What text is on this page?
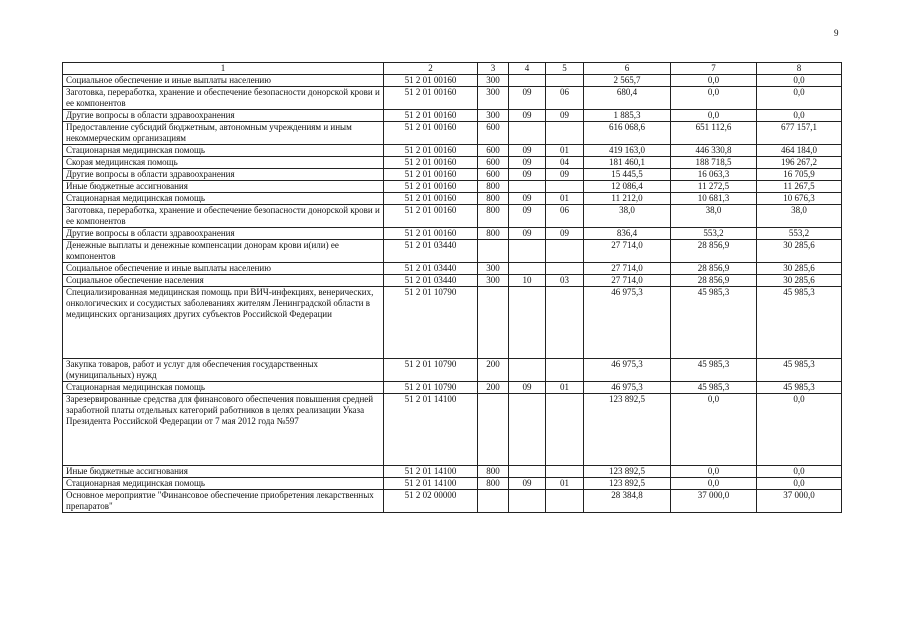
9
1	2	3	4	5	6	7	8
Социальное обеспечение и иные выплаты населению	51 2 01 00160	300			2 565,7	0,0	0,0
Заготовка, переработка, хранение и обеспечение безопасности донорской крови и ее компонентов	51 2 01 00160	300	09	06	680,4	0,0	0,0
Другие вопросы в области здравоохранения	51 2 01 00160	300	09	09	1 885,3	0,0	0,0
Предоставление субсидий бюджетным, автономным учреждениям и иным некоммерческим организациям	51 2 01 00160	600			616 068,6	651 112,6	677 157,1
Стационарная медицинская помощь	51 2 01 00160	600	09	01	419 163,0	446 330,8	464 184,0
Скорая медицинская помощь	51 2 01 00160	600	09	04	181 460,1	188 718,5	196 267,2
Другие вопросы в области здравоохранения	51 2 01 00160	600	09	09	15 445,5	16 063,3	16 705,9
Иные бюджетные ассигнования	51 2 01 00160	800			12 086,4	11 272,5	11 267,5
Стационарная медицинская помощь	51 2 01 00160	800	09	01	11 212,0	10 681,3	10 676,3
Заготовка, переработка, хранение и обеспечение безопасности донорской крови и ее компонентов	51 2 01 00160	800	09	06	38,0	38,0	38,0
Другие вопросы в области здравоохранения	51 2 01 00160	800	09	09	836,4	553,2	553,2
Денежные выплаты и денежные компенсации донорам крови и(или) ее компонентов	51 2 01 03440				27 714,0	28 856,9	30 285,6
Социальное обеспечение и иные выплаты населению	51 2 01 03440	300			27 714,0	28 856,9	30 285,6
Социальное обеспечение населения	51 2 01 03440	300	10	03	27 714,0	28 856,9	30 285,6
Специализированная медицинская помощь при ВИЧ-инфекциях, венерических, онкологических и сосудистых заболеваниях жителям Ленинградской области в медицинских организациях других субъектов Российской Федерации	51 2 01 10790				46 975,3	45 985,3	45 985,3
Закупка товаров, работ и услуг для обеспечения государственных (муниципальных) нужд	51 2 01 10790	200			46 975,3	45 985,3	45 985,3
Стационарная медицинская помощь	51 2 01 10790	200	09	01	46 975,3	45 985,3	45 985,3
Зарезервированные средства для финансового обеспечения повышения средней заработной платы отдельных категорий работников в целях реализации Указа Президента Российской Федерации от 7 мая 2012 года №597	51 2 01 14100				123 892,5	0,0	0,0
Иные бюджетные ассигнования	51 2 01 14100	800			123 892,5	0,0	0,0
Стационарная медицинская помощь	51 2 01 14100	800	09	01	123 892,5	0,0	0,0
Основное мероприятие "Финансовое обеспечение приобретения лекарственных препаратов"	51 2 02 00000				28 384,8	37 000,0	37 000,0
